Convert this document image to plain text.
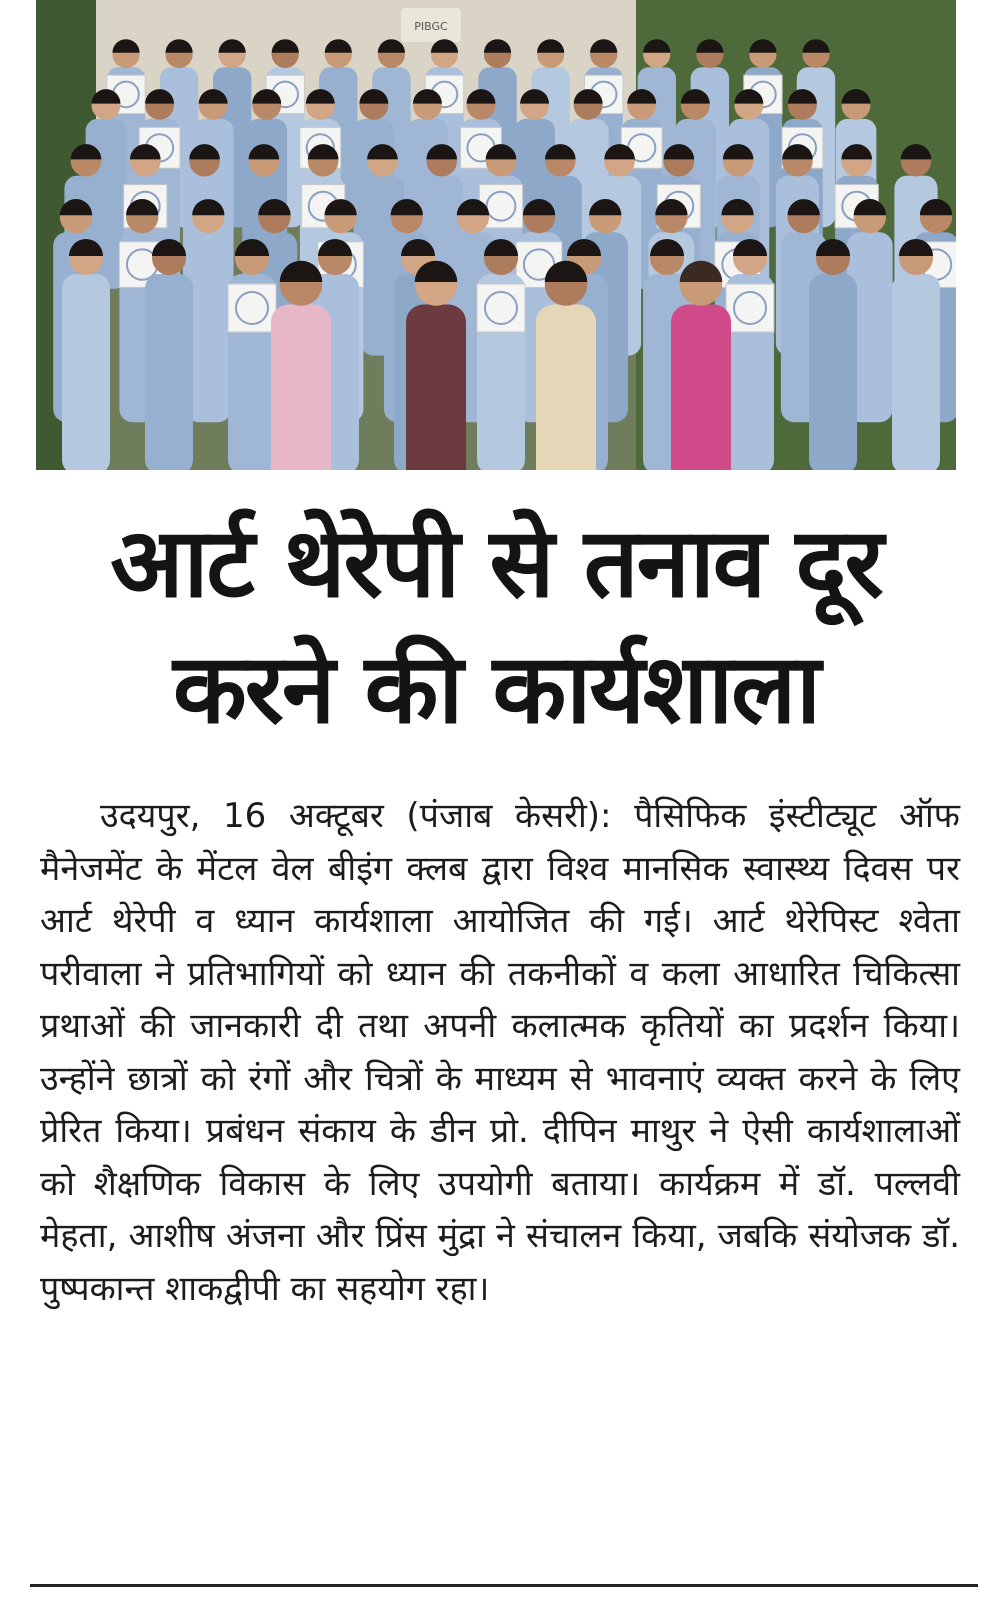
PIBGC
आर्ट थेरेपी से तनाव दूर
करने की कार्यशाला

उदयपुर, 16 अक्टूबर (पंजाब केसरी): पैसिफिक इंस्टीट्यूट ऑफ मैनेजमेंट के मेंटल वेल बीइंग क्लब द्वारा विश्व मानसिक स्वास्थ्य दिवस पर आर्ट थेरेपी व ध्यान कार्यशाला आयोजित की गई। आर्ट थेरेपिस्ट श्वेता परीवाला ने प्रतिभागियों को ध्यान की तकनीकों व कला आधारित चिकित्सा प्रथाओं की जानकारी दी तथा अपनी कलात्मक कृतियों का प्रदर्शन किया। उन्होंने छात्रों को रंगों और चित्रों के माध्यम से भावनाएं व्यक्त करने के लिए प्रेरित किया। प्रबंधन संकाय के डीन प्रो. दीपिन माथुर ने ऐसी कार्यशालाओं को शैक्षणिक विकास के लिए उपयोगी बताया। कार्यक्रम में डॉ. पल्लवी मेहता, आशीष अंजना और प्रिंस मुंद्रा ने संचालन किया, जबकि संयोजक डॉ. पुष्पकान्त शाकद्वीपी का सहयोग रहा।
